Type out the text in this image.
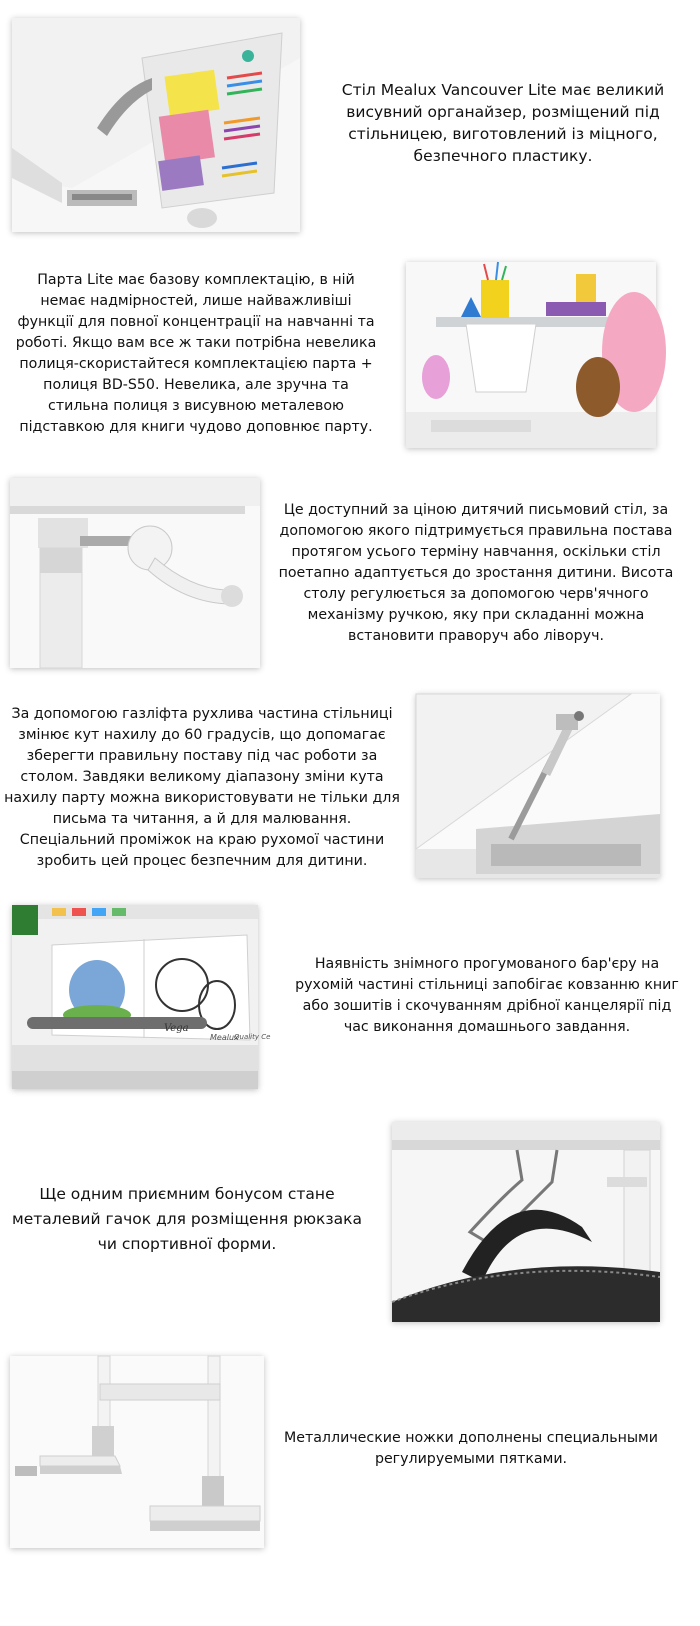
Стіл Mealux Vancouver Lite має великий висувний органайзер, розміщений під стільницею, виготовлений із міцного, безпечного пластику.

Парта Lite має базову комплектацію, в ній немає надмірностей, лише найважливіші функції для повної концентрації на навчанні та роботі. Якщо вам все ж таки потрібна невелика полиця-скористайтеся комплектацією парта + полиця BD-S50. Невелика, але зручна та стильна полиця з висувною металевою підставкою для книги чудово доповнює парту.

Це доступний за ціною дитячий письмовий стіл, за допомогою якого підтримується правильна постава протягом усього терміну навчання, оскільки стіл поетапно адаптується до зростання дитини. Висота столу регулюється за допомогою черв'ячного механізму ручкою, яку при складанні можна встановити праворуч або ліворуч.

За допомогою газліфта рухлива частина стільниці змінює кут нахилу до 60 градусів, що допомагає зберегти правильну поставу під час роботи за столом. Завдяки великому діапазону зміни кута нахилу парту можна використовувати не тільки для письма та читання, а й для малювання. Спеціальний проміжок на краю рухомої частини зробить цей процес безпечним для дитини.

Vega
Mealux
Quality Ce

Наявність знімного прогумованого бар'єру на рухомій частині стільниці запобігає ковзанню книг або зошитів і скочуванням дрібної канцелярії під час виконання домашнього завдання.

Ще одним приємним бонусом стане металевий гачок для розміщення рюкзака чи спортивної форми.

Металлические ножки дополнены специальными регулируемыми пятками.
